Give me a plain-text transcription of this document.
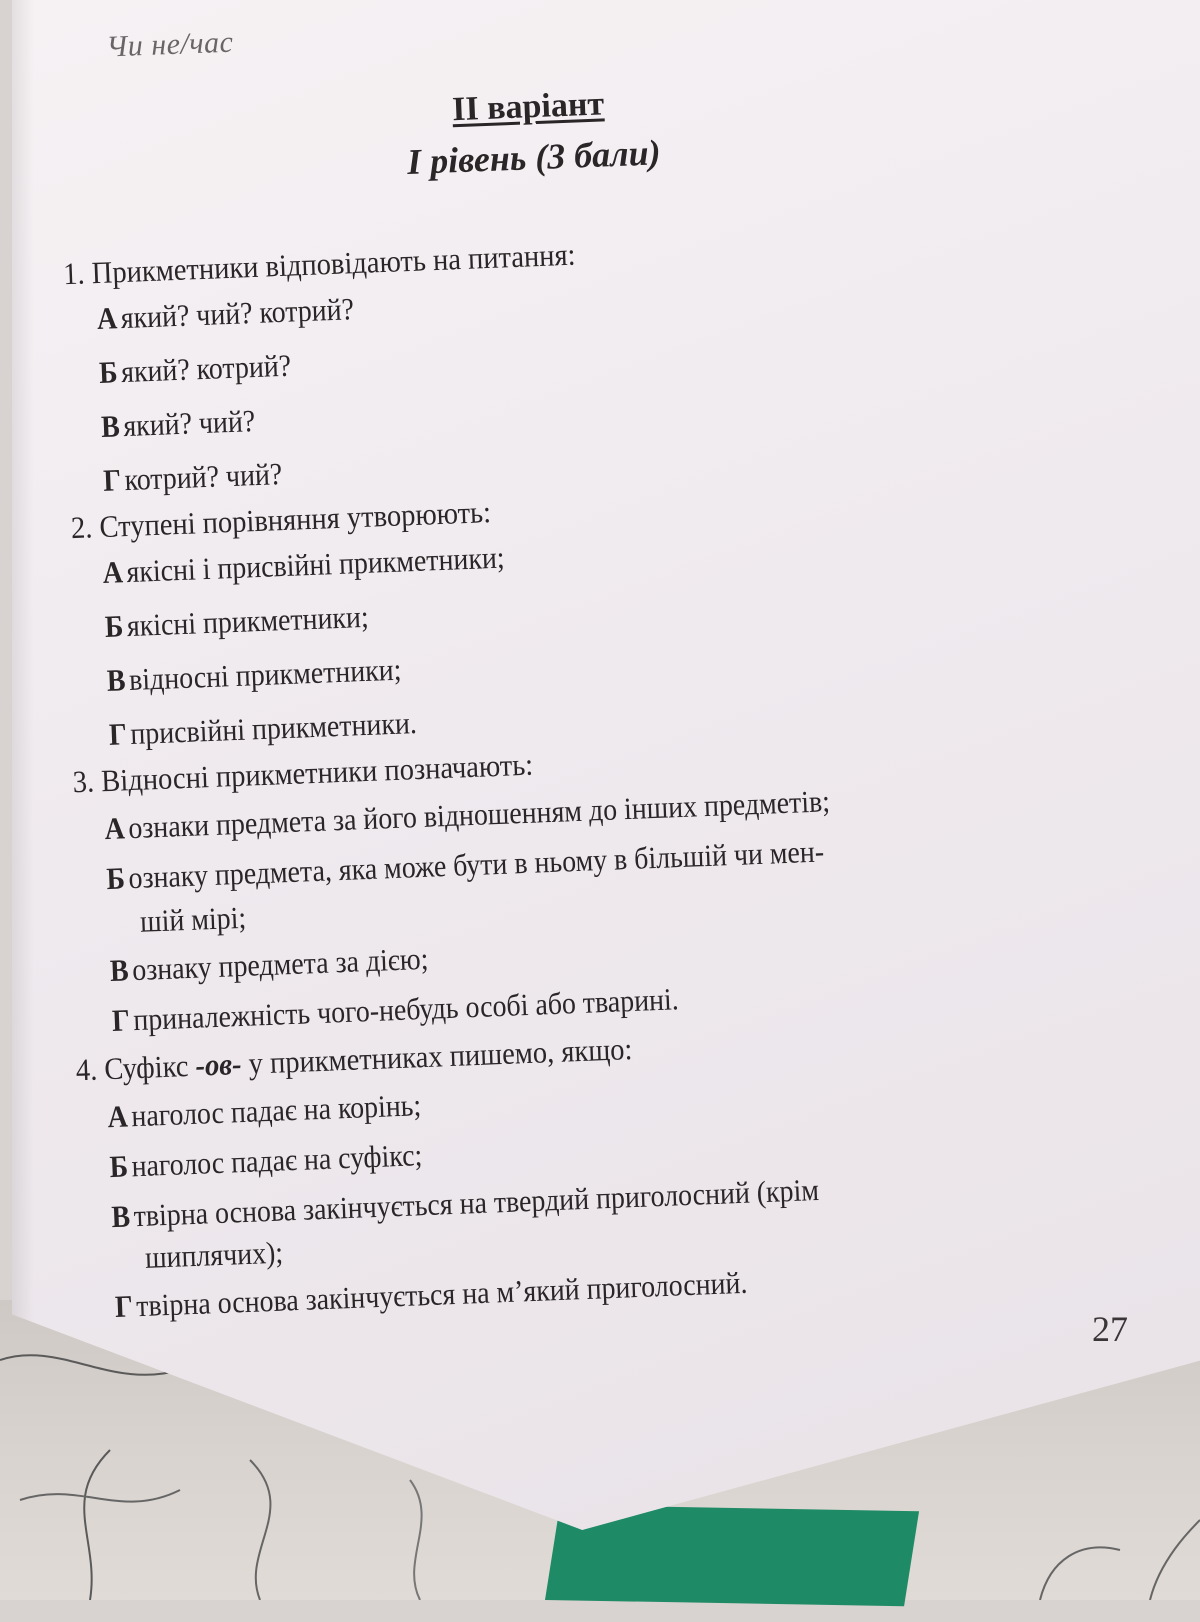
Чи не/час
II варіант
I рівень (3 бали)
1. Прикметники відповідають на питання:
Аякий? чий? котрий?
Бякий? котрий?
Вякий? чий?
Гкотрий? чий?
2. Ступені порівняння утворюють:
Аякісні і присвійні прикметники;
Бякісні прикметники;
Ввідносні прикметники;
Гприсвійні прикметники.
3. Відносні прикметники позначають:
Аознаки предмета за його відношенням до інших предметів;
Бознаку предмета, яка може бути в ньому в більшій чи мен-
шій мірі;
Вознаку предмета за дією;
Гприналежність чого-небудь особі або тварині.
4. Суфікс -ов- у прикметниках пишемо, якщо:
Анаголос падає на корінь;
Бнаголос падає на суфікс;
Втвірна основа закінчується на твердий приголосний (крім
шиплячих);
Гтвірна основа закінчується на м’який приголосний.
27
